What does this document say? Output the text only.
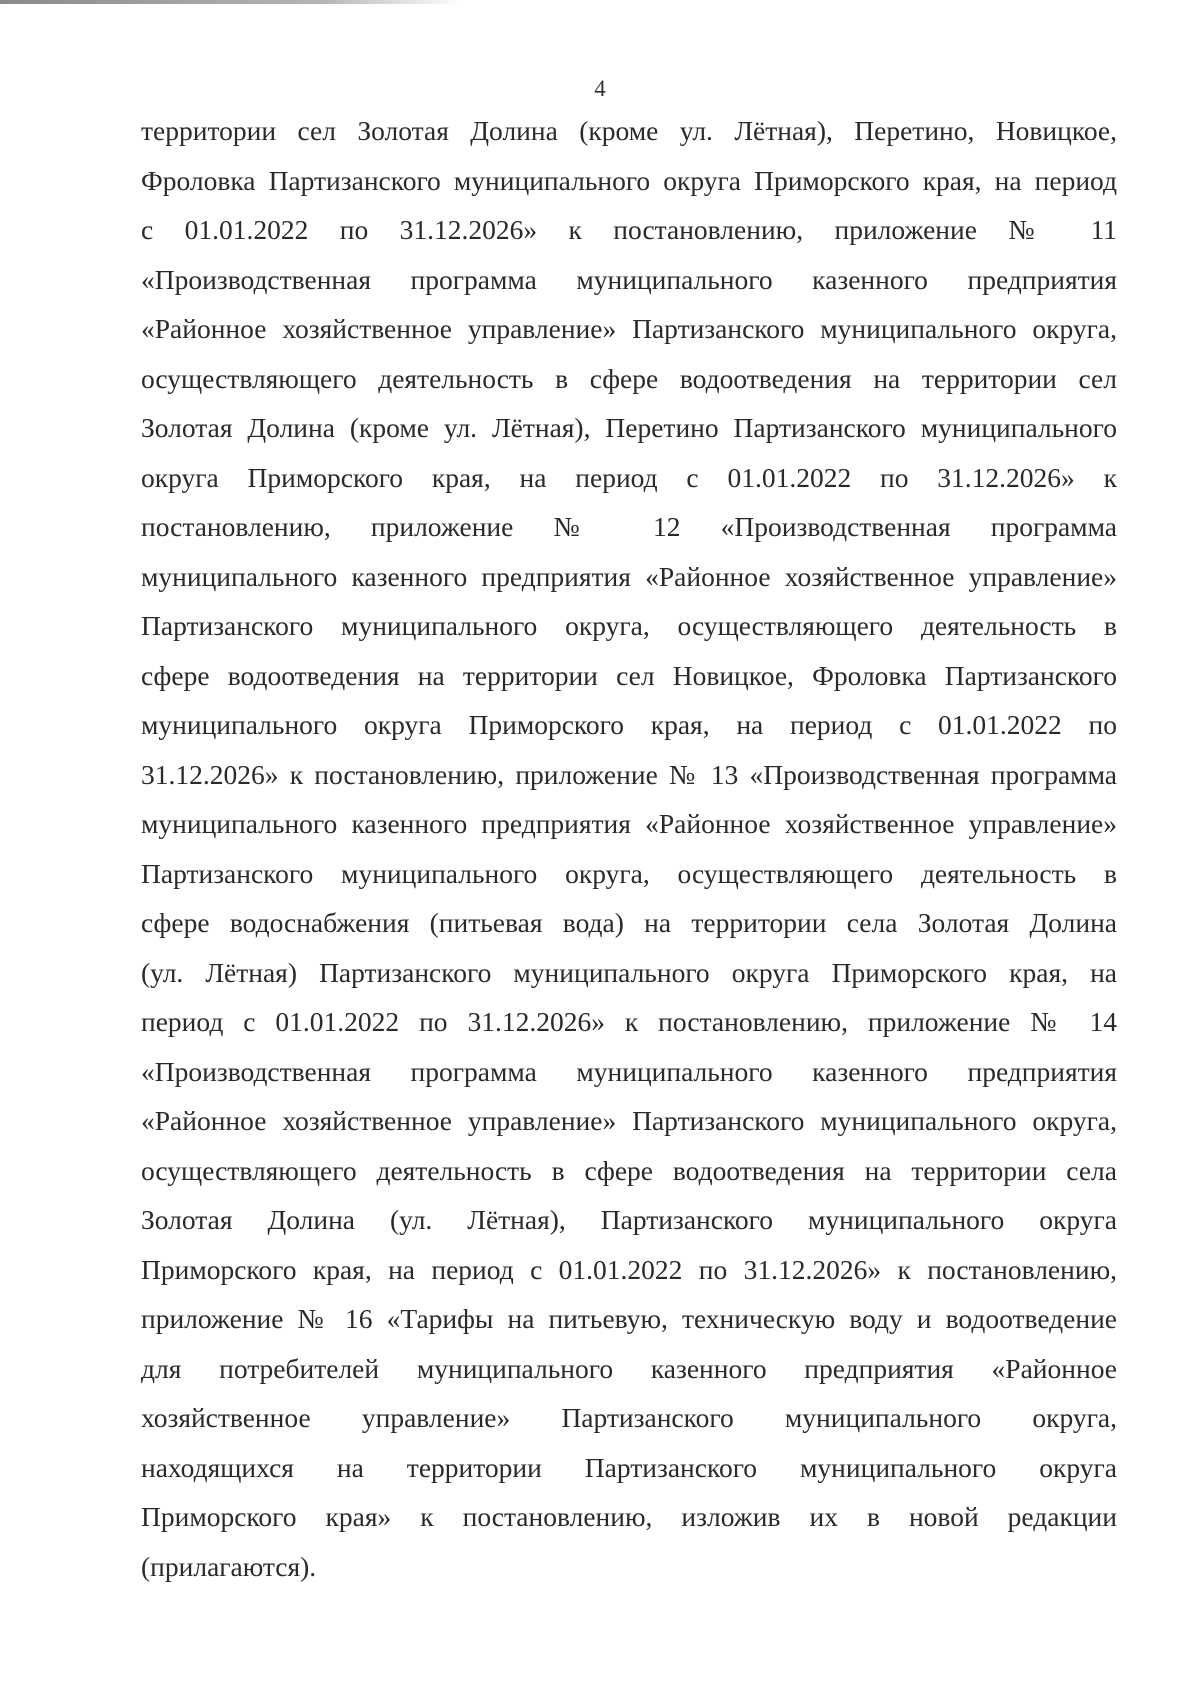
4
территории сел Золотая Долина (кроме ул. Лётная), Перетино, Новицкое,
Фроловка Партизанского муниципального округа Приморского края, на период
с 01.01.2022 по 31.12.2026» к постановлению, приложение № 11
«Производственная программа муниципального казенного предприятия
«Районное хозяйственное управление» Партизанского муниципального округа,
осуществляющего деятельность в сфере водоотведения на территории сел
Золотая Долина (кроме ул. Лётная), Перетино Партизанского муниципального
округа Приморского края, на период с 01.01.2022 по 31.12.2026» к
постановлению, приложение № 12 «Производственная программа
муниципального казенного предприятия «Районное хозяйственное управление»
Партизанского муниципального округа, осуществляющего деятельность в
сфере водоотведения на территории сел Новицкое, Фроловка Партизанского
муниципального округа Приморского края, на период с 01.01.2022 по
31.12.2026» к постановлению, приложение № 13 «Производственная программа
муниципального казенного предприятия «Районное хозяйственное управление»
Партизанского муниципального округа, осуществляющего деятельность в
сфере водоснабжения (питьевая вода) на территории села Золотая Долина
(ул. Лётная) Партизанского муниципального округа Приморского края, на
период с 01.01.2022 по 31.12.2026» к постановлению, приложение № 14
«Производственная программа муниципального казенного предприятия
«Районное хозяйственное управление» Партизанского муниципального округа,
осуществляющего деятельность в сфере водоотведения на территории села
Золотая Долина (ул. Лётная), Партизанского муниципального округа
Приморского края, на период с 01.01.2022 по 31.12.2026» к постановлению,
приложение № 16 «Тарифы на питьевую, техническую воду и водоотведение
для потребителей муниципального казенного предприятия «Районное
хозяйственное управление» Партизанского муниципального округа,
находящихся на территории Партизанского муниципального округа
Приморского края» к постановлению, изложив их в новой редакции
(прилагаются).
